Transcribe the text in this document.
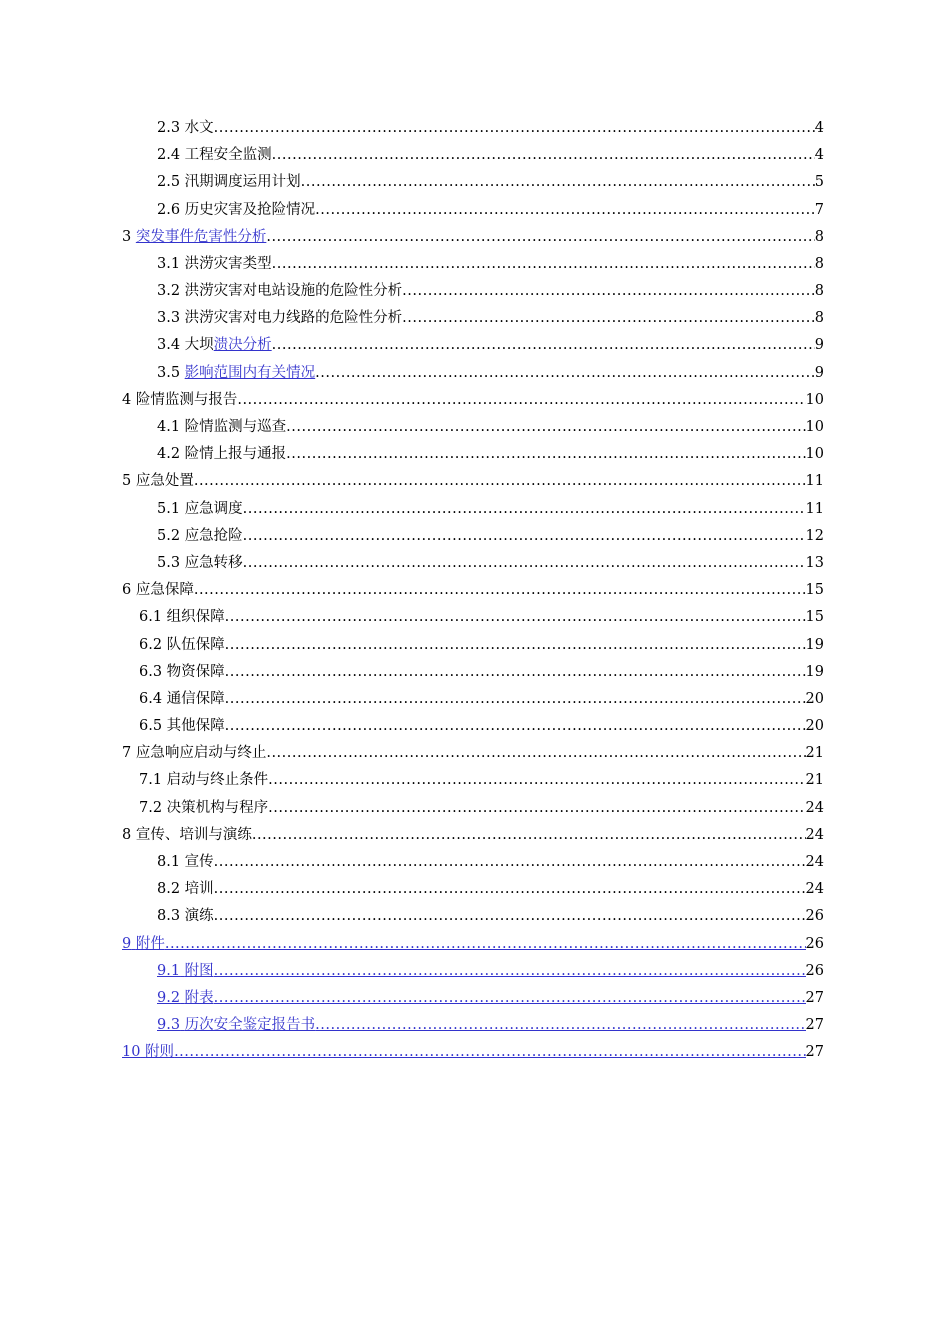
2.3 水文 .....	4
2.4 工程安全监测 .....	4
2.5 汛期调度运用计划 .....	5
2.6 历史灾害及抢险情况 .....	7
3 突发事件危害性分析 .....	8
3.1 洪涝灾害类型 .....	8
3.2 洪涝灾害对电站设施的危险性分析 .....	8
3.3 洪涝灾害对电力线路的危险性分析 .....	8
3.4 大坝溃决分析 .....	9
3.5 影响范围内有关情况 .....	9
4 险情监测与报告 .....	10
4.1 险情监测与巡查 .....	10
4.2 险情上报与通报 .....	10
5 应急处置 .....	11
5.1 应急调度 .....	11
5.2 应急抢险 .....	12
5.3 应急转移 .....	13
6 应急保障 .....	15
6.1 组织保障 .....	15
6.2 队伍保障 .....	19
6.3 物资保障 .....	19
6.4 通信保障 .....	20
6.5 其他保障 .....	20
7 应急响应启动与终止 .....	21
7.1 启动与终止条件 .....	21
7.2 决策机构与程序 .....	24
8 宣传、培训与演练 .....	24
8.1 宣传 .....	24
8.2 培训 .....	24
8.3 演练 .....	26
9 附件 .....	26
9.1 附图 .....	26
9.2 附表 .....	27
9.3 历次安全鉴定报告书 .....	27
10 附则 .....	27
